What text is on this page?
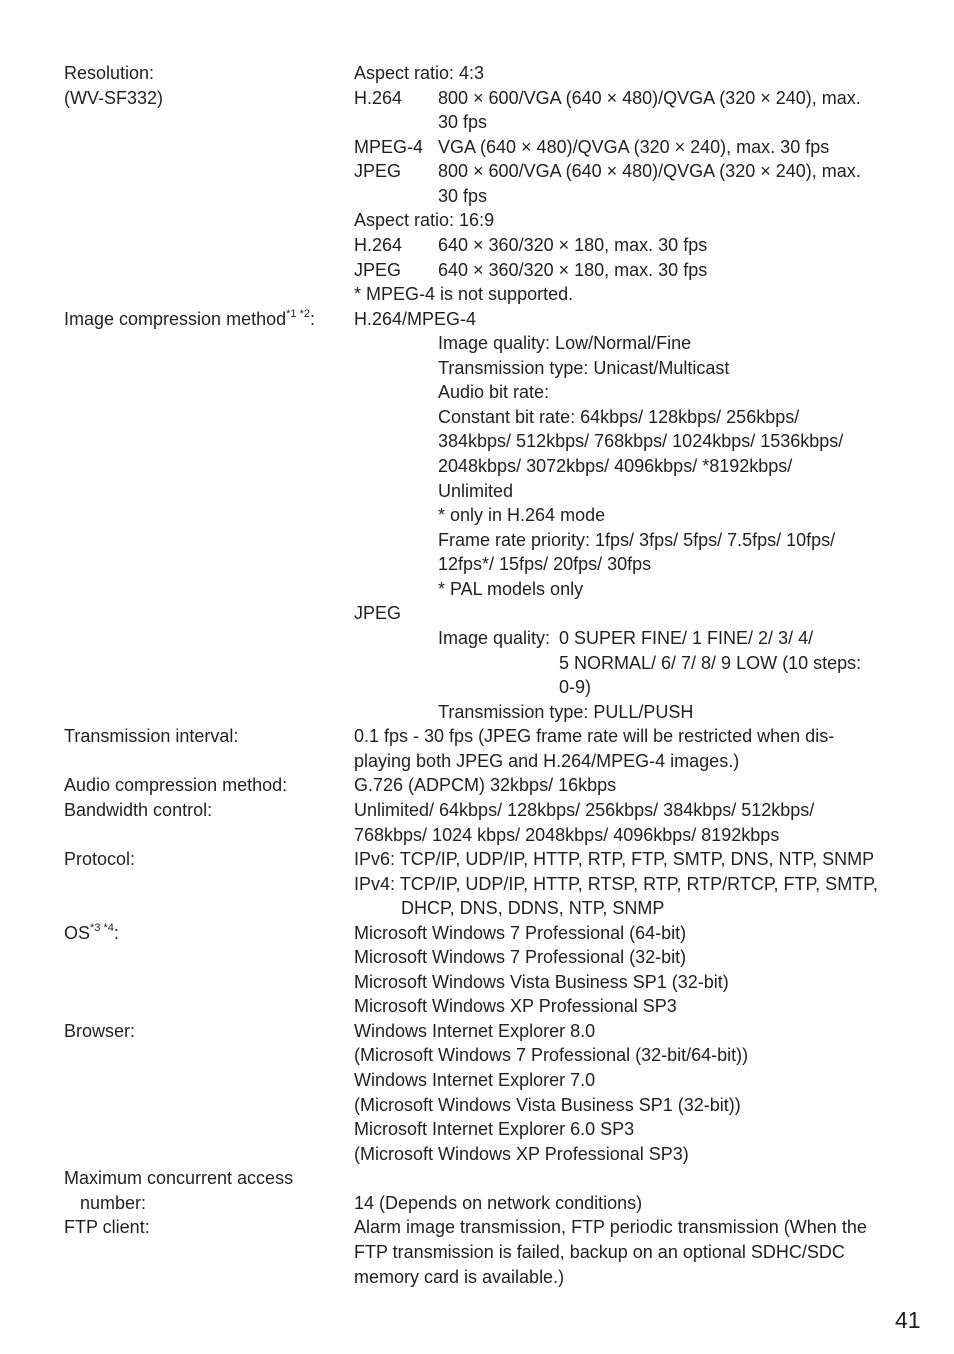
Resolution:
(WV-SF332)
Image compression method$^{*1 *2}$:
Transmission interval:
Audio compression method:
Bandwidth control:
Protocol:
$OS^{*3 *4}$:
Browser:
Maximum concurrent access
number:
FTP client:
Aspect ratio: 4:3
H.264 800 × 600/VGA (640 × 480)/QVGA (320 × 240), max.
30 fps
MPEG-4 VGA (640 × 480)/QVGA (320 × 240), max. 30 fps
JPEG 800 × 600/VGA (640 × 480)/QVGA (320 × 240), max.
30 fps
Aspect ratio: 16:9
H.264 640 × 360/320 × 180, max. 30 fps
JPEG 640 × 360/320 × 180, max. 30 fps
* MPEG-4 is not supported.
H.264/MPEG-4
Image quality: Low/Normal/Fine
Transmission type: Unicast/Multicast
Audio bit rate:
Constant bit rate: 64kbps/ 128kbps/ 256kbps/
384kbps/ 512kbps/ 768kbps/ 1024kbps/ 1536kbps/
2048kbps/ 3072kbps/ 4096kbps/ *8192kbps/
Unlimited
* only in H.264 mode
Frame rate priority: 1fps/ 3fps/ 5fps/ 7.5fps/ 10fps/
12fps*/ 15fps/ 20fps/ 30fps
* PAL models only
JPEG
Image quality: 0 SUPER FINE/ 1 FINE/ 2/ 3/ 4/
5 NORMAL/ 6/ 7/ 8/ 9 LOW (10 steps:
0-9)
Transmission type: PULL/PUSH
0.1 fps - 30 fps (JPEG frame rate will be restricted when dis-
playing both JPEG and H.264/MPEG-4 images.)
G.726 (ADPCM) 32kbps/ 16kbps
Unlimited/ 64kbps/ 128kbps/ 256kbps/ 384kbps/ 512kbps/
768kbps/ 1024 kbps/ 2048kbps/ 4096kbps/ 8192kbps
IPv6: TCP/IP, UDP/IP, HTTP, RTP, FTP, SMTP, DNS, NTP, SNMP
IPv4: TCP/IP, UDP/IP, HTTP, RTSP, RTP, RTP/RTCP, FTP, SMTP,
DHCP, DNS, DDNS, NTP, SNMP
Microsoft Windows 7 Professional (64-bit)
Microsoft Windows 7 Professional (32-bit)
Microsoft Windows Vista Business SP1 (32-bit)
Microsoft Windows XP Professional SP3
Windows Internet Explorer 8.0
(Microsoft Windows 7 Professional (32-bit/64-bit))
Windows Internet Explorer 7.0
(Microsoft Windows Vista Business SP1 (32-bit))
Microsoft Internet Explorer 6.0 SP3
(Microsoft Windows XP Professional SP3)
14 (Depends on network conditions)
Alarm image transmission, FTP periodic transmission (When the
FTP transmission is failed, backup on an optional SDHC/SDC
memory card is available.)
41
